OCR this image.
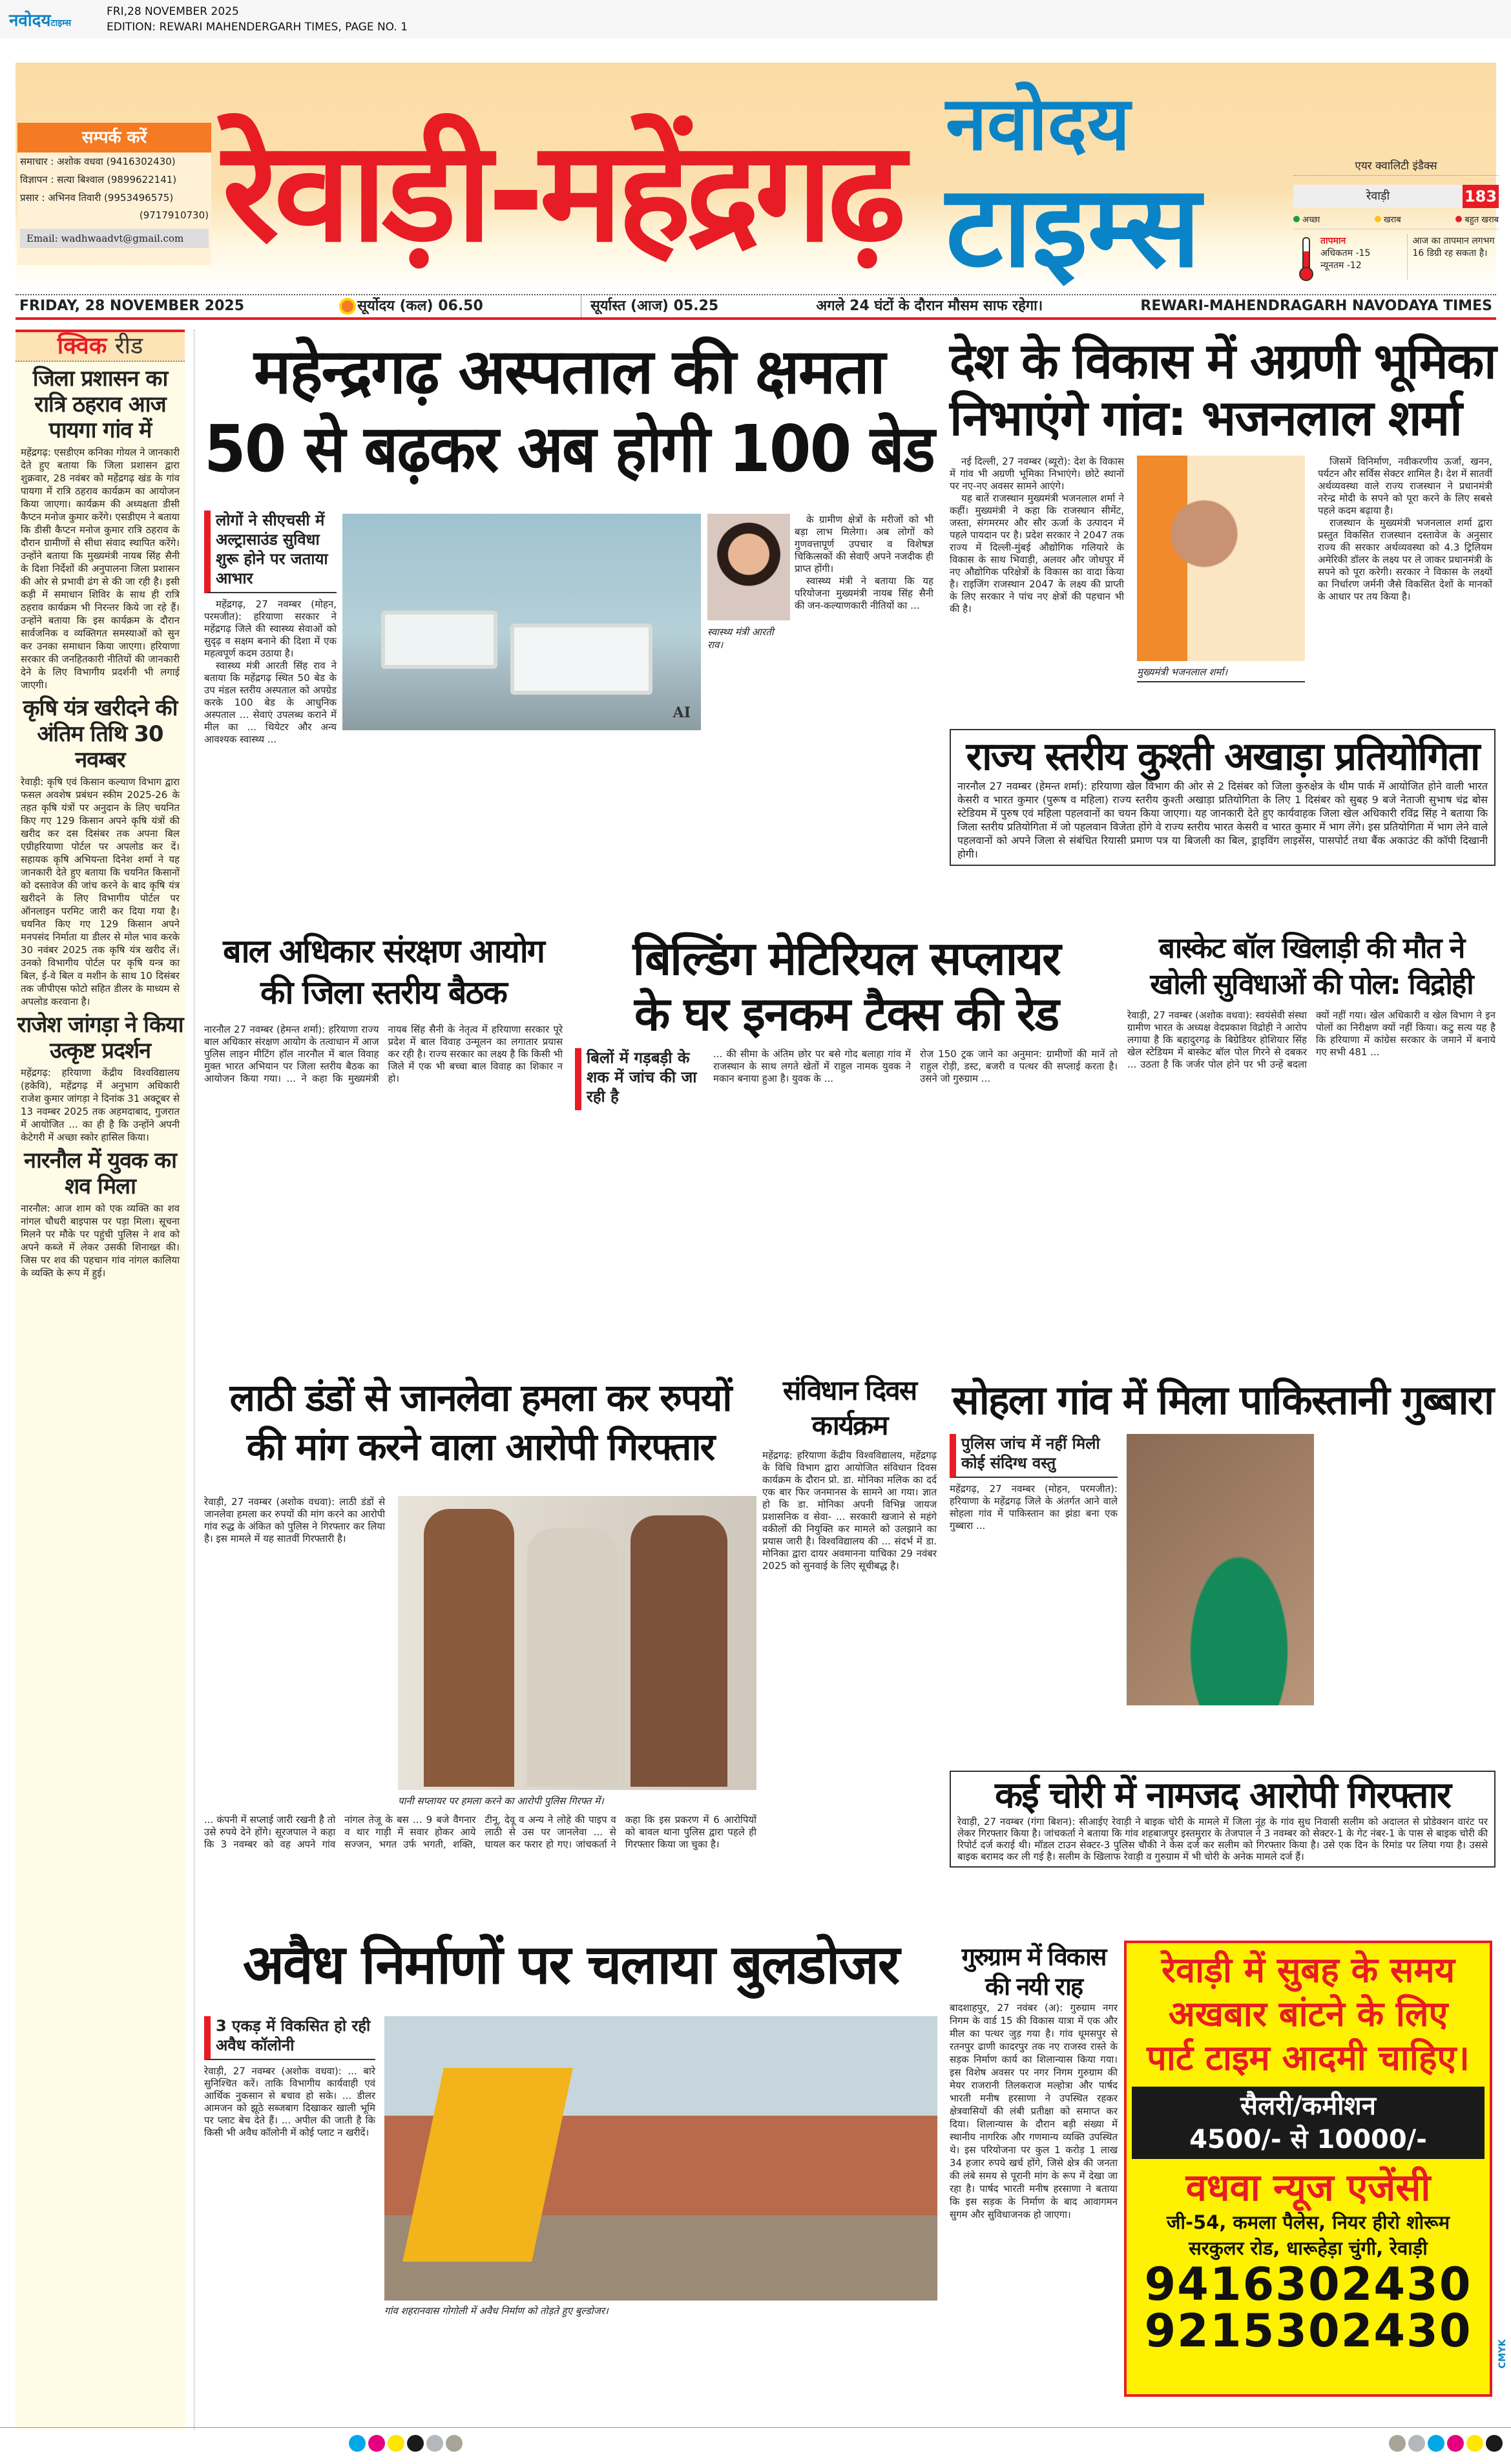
नवोदयटाइम्स
FRI,28 NOVEMBER 2025
EDITION: REWARI MAHENDERGARH TIMES, PAGE NO. 1
सम्पर्क करें
समाचार : अशोक वधवा (9416302430)
विज्ञापन : सत्या बिश्वाल (9899622141)
प्रसार : अभिनव तिवारी (9953496575)
(9717910730)
Email: wadhwaadvt@gmail.com रेवाड़ी-महेंद्रगढ़ नवोदय
टाइम्स	एयर क्वालिटी इंडैक्स
रेवाड़ी	183
अच्छा	खराब	बहुत खराब
तापमान
अधिकतम -15
न्यूनतम -12
आज का तापमान लगभग 16 डिग्री रह सकता है।
FRIDAY, 28 NOVEMBER 2025	सूर्योदय (कल) 06.50	सूर्यास्त (आज) 05.25	अगले 24 घंटों के दौरान मौसम साफ रहेगा।	REWARI-MAHENDRAGARH NAVODAYA TIMES
क्विक रीड
जिला प्रशासन का रात्रि ठहराव आज पायगा गांव में
महेंद्रगढ़: एसडीएम कनिका गोयल ने जानकारी देते हुए बताया कि जिला प्रशासन द्वारा शुक्रवार, 28 नवंबर को महेंद्रगढ़ खंड के गांव पायगा में रात्रि ठहराव कार्यक्रम का आयोजन किया जाएगा। कार्यक्रम की अध्यक्षता डीसी कैप्टन मनोज कुमार करेंगे। एसडीएम ने बताया कि डीसी कैप्टन मनोज कुमार रात्रि ठहराव के दौरान ग्रामीणों से सीधा संवाद स्थापित करेंगे। उन्होंने बताया कि मुख्यमंत्री नायब सिंह सैनी के दिशा निर्देशों की अनुपालना जिला प्रशासन की ओर से प्रभावी ढंग से की जा रही है। इसी कड़ी में समाधान शिविर के साथ ही रात्रि ठहराव कार्यक्रम भी निरन्तर किये जा रहे हैं। उन्होंने बताया कि इस कार्यक्रम के दौरान सार्वजनिक व व्यक्तिगत समस्याओं को सुन कर उनका समाधान किया जाएगा। हरियाणा सरकार की जनहितकारी नीतियों की जानकारी देने के लिए विभागीय प्रदर्शनी भी लगाई जाएगी।
कृषि यंत्र खरीदने की अंतिम तिथि 30 नवम्बर
रेवाड़ी: कृषि एवं किसान कल्याण विभाग द्वारा फसल अवशेष प्रबंधन स्कीम 2025-26 के तहत कृषि यंत्रों पर अनुदान के लिए चयनित किए गए 129 किसान अपने कृषि यंत्रों की खरीद कर दस दिसंबर तक अपना बिल एग्रीहरियाणा पोर्टल पर अपलोड कर दें। सहायक कृषि अभियन्ता दिनेश शर्मा ने यह जानकारी देते हुए बताया कि चयनित किसानों को दस्तावेज की जांच करने के बाद कृषि यंत्र खरीदने के लिए विभागीय पोर्टल पर ऑनलाइन परमिट जारी कर दिया गया है। चयनित किए गए 129 किसान अपने मनपसंद निर्माता या डीलर से मोल भाव करके 30 नवंबर 2025 तक कृषि यंत्र खरीद लें। उनको विभागीय पोर्टल पर कृषि यन्त्र का बिल, ई-वे बिल व मशीन के साथ 10 दिसंबर तक जीपीएस फोटो सहित डीलर के माध्यम से अपलोड करवाना है।
राजेश जांगड़ा ने किया उत्कृष्ट प्रदर्शन
महेंद्रगढ़: हरियाणा केंद्रीय विश्वविद्यालय (हकेवि), महेंद्रगढ़ में अनुभाग अधिकारी राजेश कुमार जांगड़ा ने दिनांक 31 अक्टूबर से 13 नवम्बर 2025 तक अहमदाबाद, गुजरात में आयोजित ... का ही है कि उन्होंने अपनी केटेगरी में अच्छा स्कोर हासिल किया।
नारनौल में युवक का शव मिला
नारनौल: आज शाम को एक व्यक्ति का शव नांगल चौधरी बाइपास पर पड़ा मिला। सूचना मिलने पर मौके पर पहुंची पुलिस ने शव को अपने कब्जे में लेकर उसकी शिनाख्त की। जिस पर शव की पहचान गांव नांगल कालिया के व्यक्ति के रूप में हुई।
महेन्द्रगढ़ अस्पताल की क्षमता
50 से बढ़कर अब होगी 100 बेड
लोगों ने सीएचसी में अल्ट्रासाउंड सुविधा शुरू होने पर जताया आभार

महेंद्रगढ़, 27 नवम्बर (मोहन, परमजीत): हरियाणा सरकार ने महेंद्रगढ़ जिले की स्वास्थ्य सेवाओं को सुदृढ़ व सक्षम बनाने की दिशा में एक महत्वपूर्ण कदम उठाया है।

स्वास्थ्य मंत्री आरती सिंह राव ने बताया कि महेंद्रगढ़ स्थित 50 बेड के उप मंडल स्तरीय अस्पताल को अपग्रेड करके 100 बेड के आधुनिक अस्पताल ... सेवाएं उपलब्ध कराने में मील का ... थियेटर और अन्य आवश्यक स्वास्थ्य ...

AI
स्वास्थ्य मंत्री आरती राव।

के ग्रामीण क्षेत्रों के मरीजों को भी बड़ा लाभ मिलेगा। अब लोगों को गुणवत्तापूर्ण उपचार व विशेषज्ञ चिकित्सकों की सेवाएँ अपने नजदीक ही प्राप्त होंगी।

स्वास्थ्य मंत्री ने बताया कि यह परियोजना मुख्यमंत्री नायब सिंह सैनी की जन-कल्याणकारी नीतियों का ...

देश के विकास में अग्रणी भूमिका
निभाएंगे गांव: भजनलाल शर्मा

नई दिल्ली, 27 नवम्बर (ब्यूरो): देश के विकास में गांव भी अग्रणी भूमिका निभाएंगे। छोटे स्थानों पर नए-नए अवसर सामने आएंगे।

यह बातें राजस्थान मुख्यमंत्री भजनलाल शर्मा ने कहीं। मुख्यमंत्री ने कहा कि राजस्थान सीमेंट, जस्ता, संगमरमर और सौर ऊर्जा के उत्पादन में पहले पायदान पर है। प्रदेश सरकार ने 2047 तक राज्य में दिल्ली-मुंबई औद्योगिक गलियारे के विकास के साथ भिवाड़ी, अलवर और जोधपुर में नए औद्योगिक परिक्षेत्रों के विकास का वादा किया है। राइजिंग राजस्थान 2047 के लक्ष्य की प्राप्ती के लिए सरकार ने पांच नए क्षेत्रों की पहचान भी की है।

मुख्यमंत्री भजनलाल शर्मा।

जिसमें विनिर्माण, नवीकरणीय ऊर्जा, खनन, पर्यटन और सर्विस सेक्टर शामिल है। देश में सातवीं अर्थव्यवस्था वाले राज्य राजस्थान ने प्रधानमंत्री नरेन्द्र मोदी के सपने को पूरा करने के लिए सबसे पहले कदम बढ़ाया है।

राजस्थान के मुख्यमंत्री भजनलाल शर्मा द्वारा प्रस्तुत विकसित राजस्थान दस्तावेज के अनुसार राज्य की सरकार अर्थव्यवस्था को 4.3 ट्रिलियम अमेरिकी डॉलर के लक्ष्य पर ले जाकर प्रधानमंत्री के सपने को पूरा करेगी। सरकार ने विकास के लक्ष्यों का निर्धारण जर्मनी जैसे विकसित देशों के मानकों के आधार पर तय किया है।

राज्य स्तरीय कुश्ती अखाड़ा प्रतियोगिता
नारनौल 27 नवम्बर (हेमन्त शर्मा): हरियाणा खेल विभाग की ओर से 2 दिसंबर को जिला कुरुक्षेत्र के थीम पार्क में आयोजित होने वाली भारत केसरी व भारत कुमार (पुरूष व महिला) राज्य स्तरीय कुश्ती अखाड़ा प्रतियोगिता के लिए 1 दिसंबर को सुबह 9 बजे नेताजी सुभाष चंद्र बोस स्टेडियम में पुरुष एवं महिला पहलवानों का चयन किया जाएगा। यह जानकारी देते हुए कार्यवाहक जिला खेल अधिकारी रविंद्र सिंह ने बताया कि जिला स्तरीय प्रतियोगिता में जो पहलवान विजेता होंगे वे राज्य स्तरीय भारत केसरी व भारत कुमार में भाग लेंगे। इस प्रतियोगिता में भाग लेने वाले पहलवानों को अपने जिला से संबंधित रियासी प्रमाण पत्र या बिजली का बिल, ड्राइविंग लाइसेंस, पासपोर्ट तथा बैंक अकाउंट की कॉपी दिखानी होगी।
बाल अधिकार संरक्षण आयोग की जिला स्तरीय बैठक
नारनौल 27 नवम्बर (हेमन्त शर्मा): हरियाणा राज्य बाल अधिकार संरक्षण आयोग के तत्वाधान में आज पुलिस लाइन मीटिंग हॉल नारनौल में बाल विवाह मुक्त भारत अभियान पर जिला स्तरीय बैठक का आयोजन किया गया। ... ने कहा कि मुख्यमंत्री नायब सिंह सैनी के नेतृत्व में हरियाणा सरकार पूरे प्रदेश में बाल विवाह उन्मूलन का लगातार प्रयास कर रही है। राज्य सरकार का लक्ष्य है कि किसी भी जिले में एक भी बच्चा बाल विवाह का शिकार न हो।
बिल्डिंग मेटिरियल सप्लायर
के घर इनकम टैक्स की रेड
बिलों में गड़बड़ी के शक में जांच की जा रही है
... की सीमा के अंतिम छोर पर बसे गोद बलाहा गांव में राजस्थान के साथ लगते खेतों में राहुल नामक युवक ने मकान बनाया हुआ है। युवक के ...
रोज 150 ट्रक जाने का अनुमान: ग्रामीणों की मानें तो राहुल रोड़ी, डस्ट, बजरी व पत्थर की सप्लाई करता है। उसने जो गुरुग्राम ...
बास्केट बॉल खिलाड़ी की मौत ने खोली सुविधाओं की पोल: विद्रोही
रेवाड़ी, 27 नवम्बर (अशोक वधवा): स्वयंसेवी संस्था ग्रामीण भारत के अध्यक्ष वेदप्रकाश विद्रोही ने आरोप लगाया है कि बहादुरगढ़ के बिग्रेडियर होशियार सिंह खेल स्टेडियम में बास्केट बॉल पोल गिरने से दबकर ... उठता है कि जर्जर पोल होने पर भी उन्हें बदला क्यों नहीं गया। खेल अधिकारी व खेल विभाग ने इन पोलों का निरीक्षण क्यों नहीं किया। कटु सत्य यह है कि हरियाणा में कांग्रेस सरकार के जमाने में बनाये गए सभी 481 ...
लाठी डंडों से जानलेवा हमला कर रुपयों
की मांग करने वाला आरोपी गिरफ्तार
रेवाड़ी, 27 नवम्बर (अशोक वधवा): लाठी डंडों से जानलेवा हमला कर रुपयों की मांग करने का आरोपी गांव रुद्ध के अंकित को पुलिस ने गिरफ्तार कर लिया है। इस मामले में यह सातवीं गिरफ्तारी है।
पानी सप्लायर पर हमला करने का आरोपी पुलिस गिरफ्त में।
... कंपनी में सप्लाई जारी रखनी है तो उसे रुपये देने होंगे। सूरजपाल ने कहा कि 3 नवम्बर को वह अपने गांव नांगल तेजू के बस ... 9 बजे वैगनार व थार गाड़ी में सवार होकर आये सज्जन, भगत उर्फ भगती, शक्ति, टीनू, देवू व अन्य ने लोहे की पाइप व लाठी से उस पर जानलेवा ... से घायल कर फरार हो गए। जांचकर्ता ने कहा कि इस प्रकरण में 6 आरोपियों को बावल थाना पुलिस द्वारा पहले ही गिरफ्तार किया जा चुका है।
संविधान दिवस कार्यक्रम
महेंद्रगढ़: हरियाणा केंद्रीय विश्वविद्यालय, महेंद्रगढ़ के विधि विभाग द्वारा आयोजित संविधान दिवस कार्यक्रम के दौरान प्रो. डा. मोनिका मलिक का दर्द एक बार फिर जनमानस के सामने आ गया। ज्ञात हो कि डा. मोनिका अपनी विभिन्न जायज प्रशासनिक व सेवा- ... सरकारी खजाने से महंगे वकीलों की नियुक्ति कर मामले को उलझाने का प्रयास जारी है। विश्वविद्यालय की ... संदर्भ में डा. मोनिका द्वारा दायर अवमानना याचिका 29 नवंबर 2025 को सुनवाई के लिए सूचीबद्ध है।
सोहला गांव में मिला पाकिस्तानी गुब्बारा
पुलिस जांच में नहीं मिली कोई संदिग्ध वस्तु
महेंद्रगढ़, 27 नवम्बर (मोहन, परमजीत): हरियाणा के महेंद्रगढ़ जिले के अंतर्गत आने वाले सोहला गांव में पाकिस्तान का झंडा बना एक गुब्बारा ...
कई चोरी में नामजद आरोपी गिरफ्तार
रेवाड़ी, 27 नवम्बर (गंगा बिशन): सीआईए रेवाड़ी ने बाइक चोरी के मामले में जिला नूंह के गांव सुध निवासी सलीम को अदालत से प्रोडेक्शन वारंट पर लेकर गिरफ्तार किया है। जांचकर्ता ने बताया कि गांव शहबाजपुर इस्तमुरार के तेजपाल ने 3 नवम्बर को सेक्टर-1 के गेट नंबर-1 के पास से बाइक चोरी की रिपोर्ट दर्ज कराई थी। मॉडल टाउन सेक्टर-3 पुलिस चौकी ने केस दर्ज कर सलीम को गिरफ्तार किया है। उसे एक दिन के रिमांड पर लिया गया है। उससे बाइक बरामद कर ली गई है। सलीम के खिलाफ रेवाड़ी व गुरुग्राम में भी चोरी के अनेक मामले दर्ज हैं।
अवैध निर्माणों पर चलाया बुलडोजर
3 एकड़ में विकसित हो रही अवैध कॉलोनी
रेवाड़ी, 27 नवम्बर (अशोक वधवा): ... बारे सुनिश्चित करें। ताकि विभागीय कार्यवाही एवं आर्थिक नुकसान से बचाव हो सके। ... डीलर आमजन को झूठे सब्जबाग दिखाकर खाली भूमि पर प्लाट बेच देते हैं। ... अपील की जाती है कि किसी भी अवैध कॉलोनी में कोई प्लाट न खरीदें।
गांव शहरानवास गोगोली में अवैध निर्माण को तोड़ते हुए बुल्डोजर।
गुरुग्राम में विकास की नयी राह
बादशाहपुर, 27 नवंबर (अ): गुरुग्राम नगर निगम के वार्ड 15 की विकास यात्रा में एक और मील का पत्थर जुड़ गया है। गांव धूमसपुर से रतनपुर ढाणी कादरपुर तक नए राजस्व रास्ते के सड़क निर्माण कार्य का शिलान्यास किया गया। इस विशेष अवसर पर नगर निगम गुरुग्राम की मेयर राजरानी तिलकराज मल्होत्रा और पार्षद भारती मनीष हरसाणा ने उपस्थित रहकर क्षेत्रवासियों की लंबी प्रतीक्षा को समाप्त कर दिया। शिलान्यास के दौरान बड़ी संख्या में स्थानीय नागरिक और गणमान्य व्यक्ति उपस्थित थे। इस परियोजना पर कुल 1 करोड़ 1 लाख 34 हजार रुपये खर्च होंगे, जिसे क्षेत्र की जनता की लंबे समय से पूरानी मांग के रूप में देखा जा रहा है। पार्षद भारती मनीष हरसाणा ने बताया कि इस सड़क के निर्माण के बाद आवागमन सुगम और सुविधाजनक हो जाएगा।
रेवाड़ी में सुबह के समय
अखबार बांटने के लिए
पार्ट टाइम आदमी चाहिए।
सैलरी/कमीशन
4500/- से 10000/-
वधवा न्यूज एजेंसी
जी-54, कमला पैलेस, नियर हीरो शोरूम
सरकुलर रोड, धारूहेड़ा चुंगी, रेवाड़ी
9416302430
9215302430	CMYK
